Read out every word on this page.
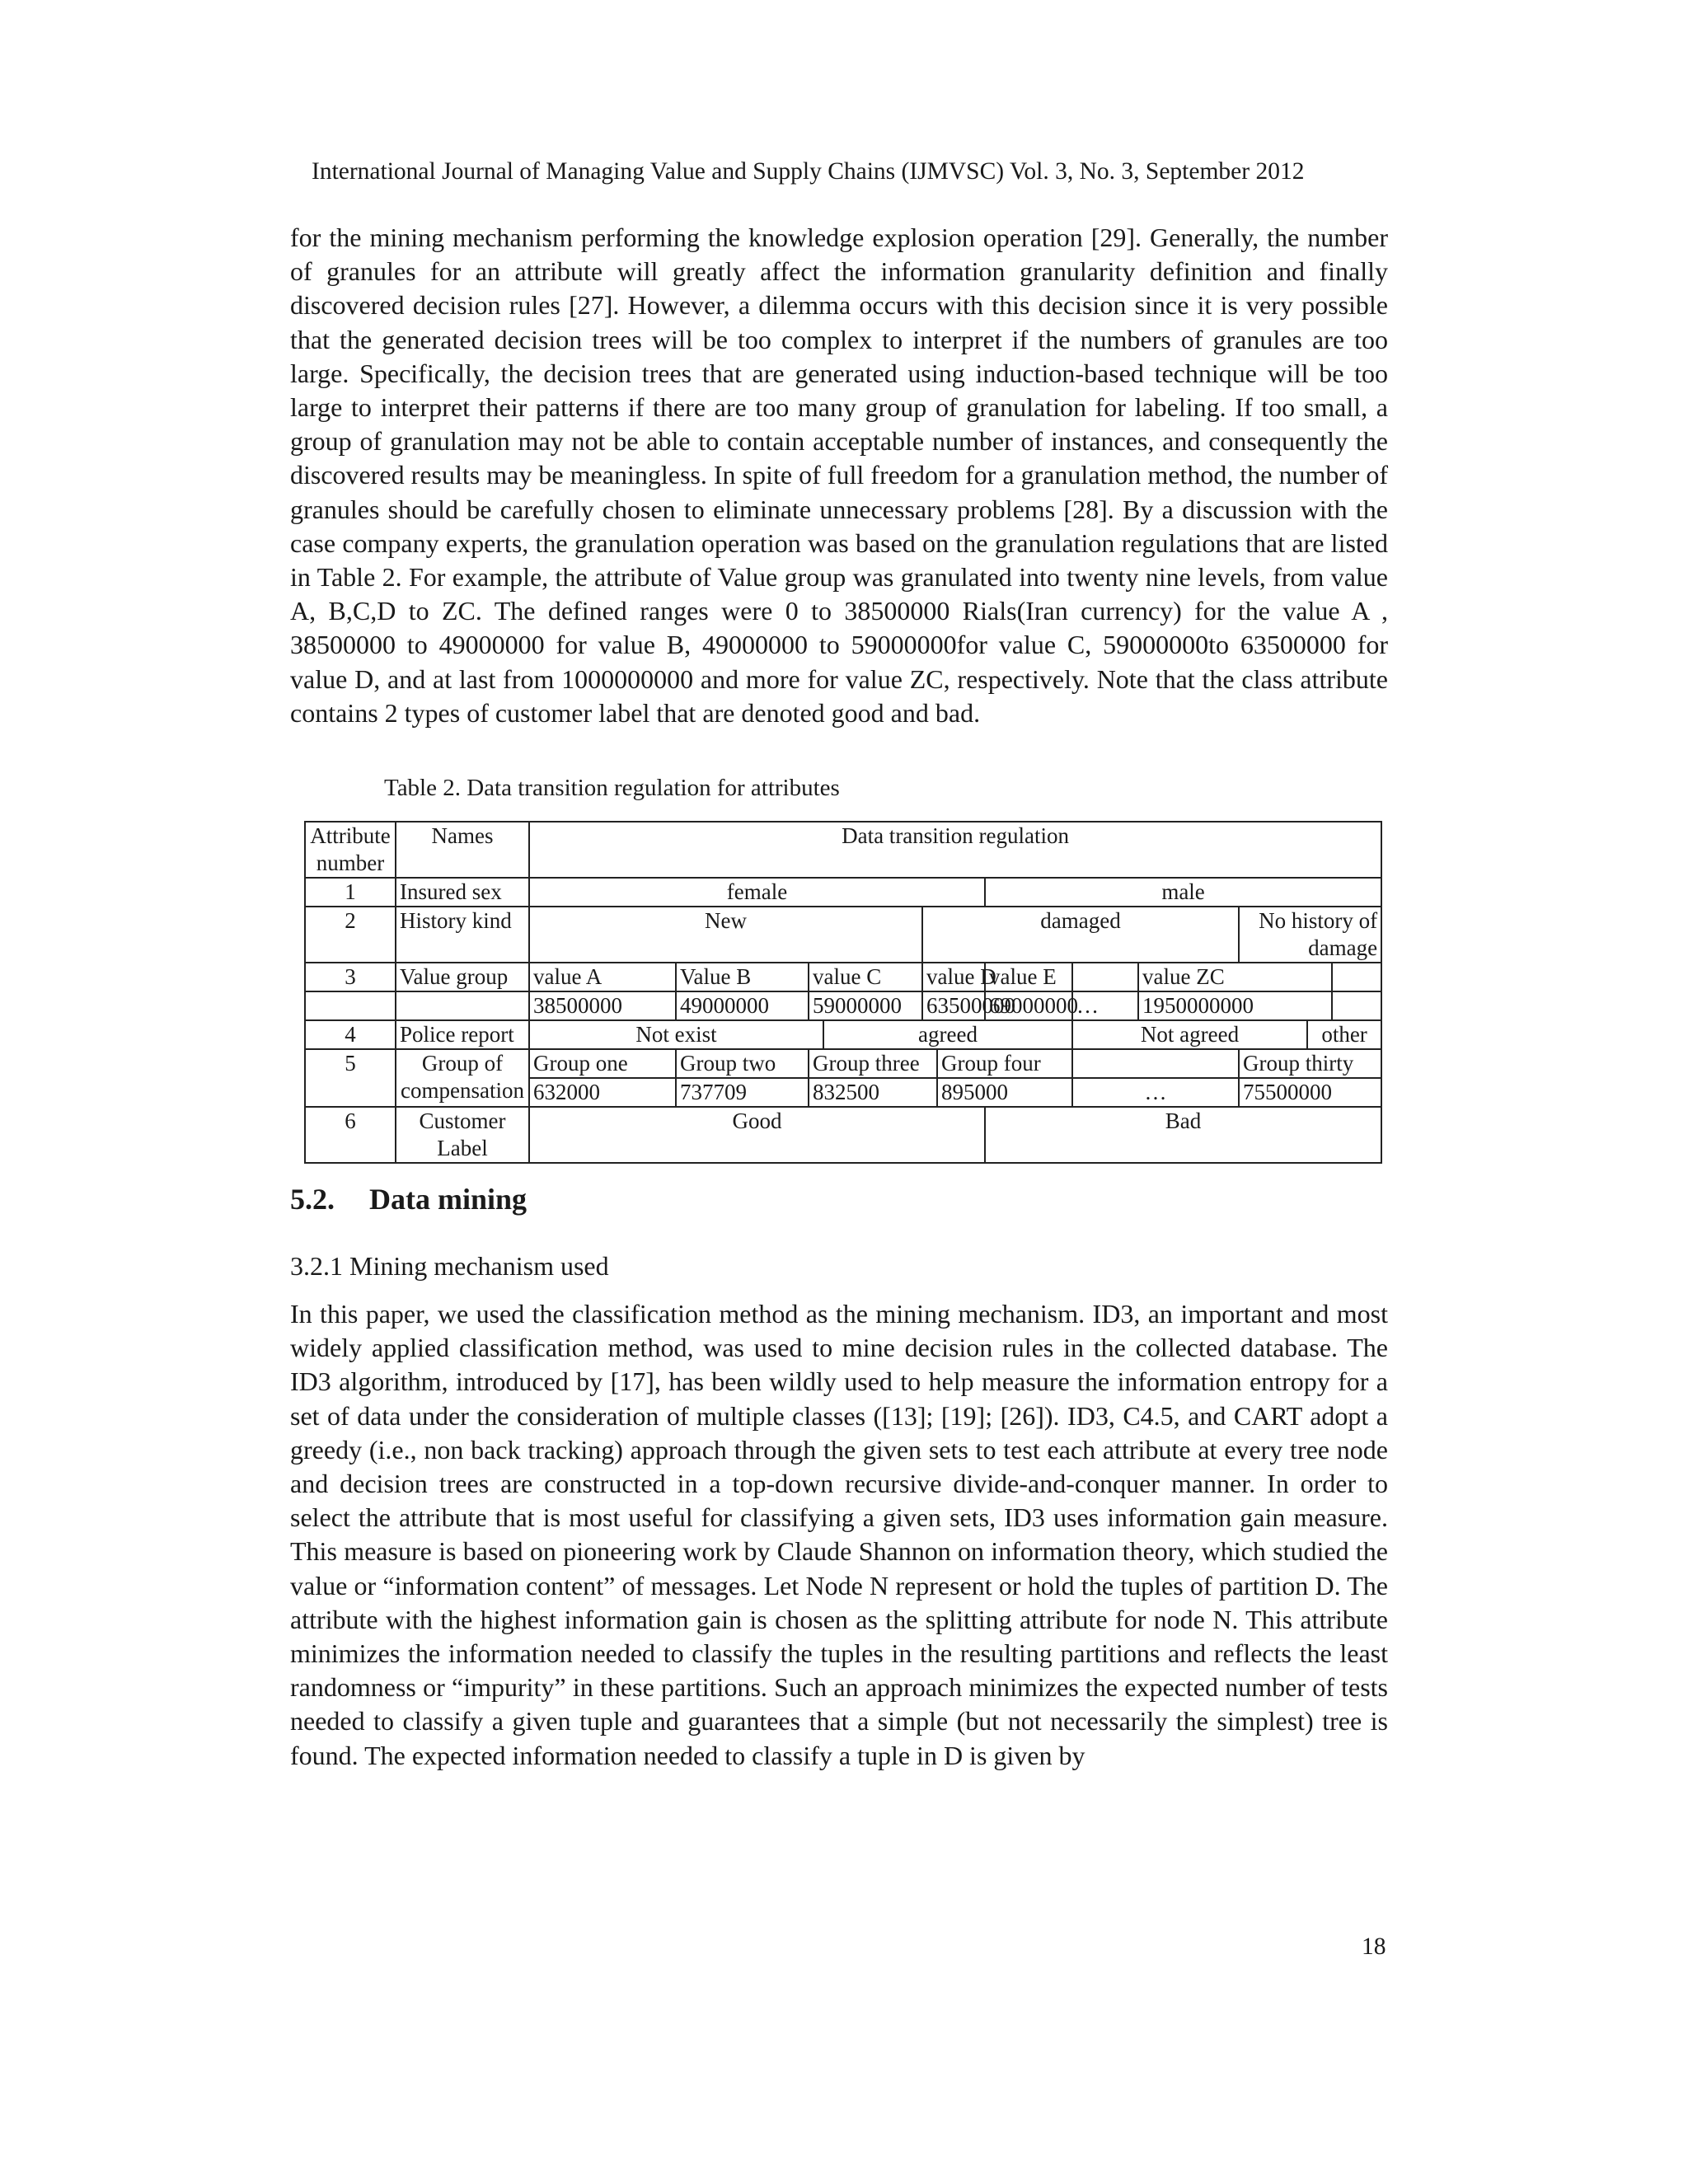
International Journal of Managing Value and Supply Chains (IJMVSC) Vol. 3, No. 3, September 2012

for the mining mechanism performing the knowledge explosion operation [29]. Generally, the number of granules for an attribute will greatly affect the information granularity definition and finally discovered decision rules [27]. However, a dilemma occurs with this decision since it is very possible that the generated decision trees will be too complex to interpret if the numbers of granules are too large. Specifically, the decision trees that are generated using induction-based technique will be too large to interpret their patterns if there are too many group of granulation for labeling. If too small, a group of granulation may not be able to contain acceptable number of instances, and consequently the discovered results may be meaningless. In spite of full freedom for a granulation method, the number of granules should be carefully chosen to eliminate unnecessary problems [28]. By a discussion with the case company experts, the granulation operation was based on the granulation regulations that are listed in Table 2. For example, the attribute of Value group was granulated into twenty nine levels, from value A, B,C,D to ZC. The defined ranges were 0 to 38500000 Rials(Iran currency) for the value A , 38500000 to 49000000 for value B, 49000000 to 59000000for value C, 59000000to 63500000 for value D, and at last from 1000000000 and more for value ZC, respectively. Note that the class attribute contains 2 types of customer label that are denoted good and bad.

Table 2. Data transition regulation for attributes
Attribute number	Names	Data transition regulation											

1	Insured sex	female						male					
2	History kind	New				damaged					No history of damage		
3	Value group	value A	Value B	value C		value D		value E		value ZC			
		38500000	49000000	59000000		63500000		69000000	…	1950000000			
4	Police report	Not exist			agreed				Not agreed			other	
5	Group of compensation	Group one	Group two	Group three			Group four				Group thirty		
		632000	737709	832500			895000		…		75500000		
6	Customer Label	Good						Bad					
5.2. Data mining
3.2.1 Mining mechanism used

In this paper, we used the classification method as the mining mechanism. ID3, an important and most widely applied classification method, was used to mine decision rules in the collected database. The ID3 algorithm, introduced by [17], has been wildly used to help measure the information entropy for a set of data under the consideration of multiple classes ([13]; [19]; [26]). ID3, C4.5, and CART adopt a greedy (i.e., non back tracking) approach through the given sets to test each attribute at every tree node and decision trees are constructed in a top-down recursive divide-and-conquer manner. In order to select the attribute that is most useful for classifying a given sets, ID3 uses information gain measure. This measure is based on pioneering work by Claude Shannon on information theory, which studied the value or “information content” of messages. Let Node N represent or hold the tuples of partition D. The attribute with the highest information gain is chosen as the splitting attribute for node N. This attribute minimizes the information needed to classify the tuples in the resulting partitions and reflects the least randomness or “impurity” in these partitions. Such an approach minimizes the expected number of tests needed to classify a given tuple and guarantees that a simple (but not necessarily the simplest) tree is found. The expected information needed to classify a tuple in D is given by

18
